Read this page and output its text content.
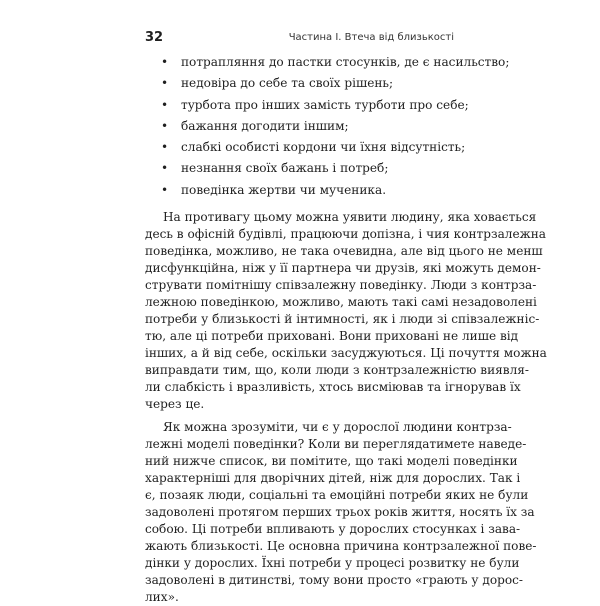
32	Частина І. Втеча від близькості
• потрапляння до пастки стосунків, де є насильство;
• недовіра до себе та своїх рішень;
• турбота про інших замість турботи про себе;
• бажання догодити іншим;
• слабкі особисті кордони чи їхня відсутність;
• незнання своїх бажань і потреб;
• поведінка жертви чи мученика.
На противагу цьому можна уявити людину, яка ховається
десь в офісній будівлі, працюючи допізна, і чия контрзалежна
поведінка, можливо, не така очевидна, але від цього не менш
дисфункційна, ніж у її партнера чи друзів, які можуть демон-
струвати помітнішу співзалежну поведінку. Люди з контрза-
лежною поведінкою, можливо, мають такі самі незадоволені
потреби у близькості й інтимності, як і люди зі співзалежніс-
тю, але ці потреби приховані. Вони приховані не лише від
інших, а й від себе, оскільки засуджуються. Ці почуття можна
виправдати тим, що, коли люди з контрзалежністю виявля-
ли слабкість і вразливість, хтось висміював та ігнорував їх
через це.
Як можна зрозуміти, чи є у дорослої людини контрза-
лежні моделі поведінки? Коли ви переглядатимете наведе-
ний нижче список, ви помітите, що такі моделі поведінки
характерніші для дворічних дітей, ніж для дорослих. Так і
є, позаяк люди, соціальні та емоційні потреби яких не були
задоволені протягом перших трьох років життя, носять їх за
собою. Ці потреби впливають у дорослих стосунках і зава-
жають близькості. Це основна причина контрзалежної пове-
дінки у дорослих. Їхні потреби у процесі розвитку не були
задоволені в дитинстві, тому вони просто «грають у дорос-
лих».
